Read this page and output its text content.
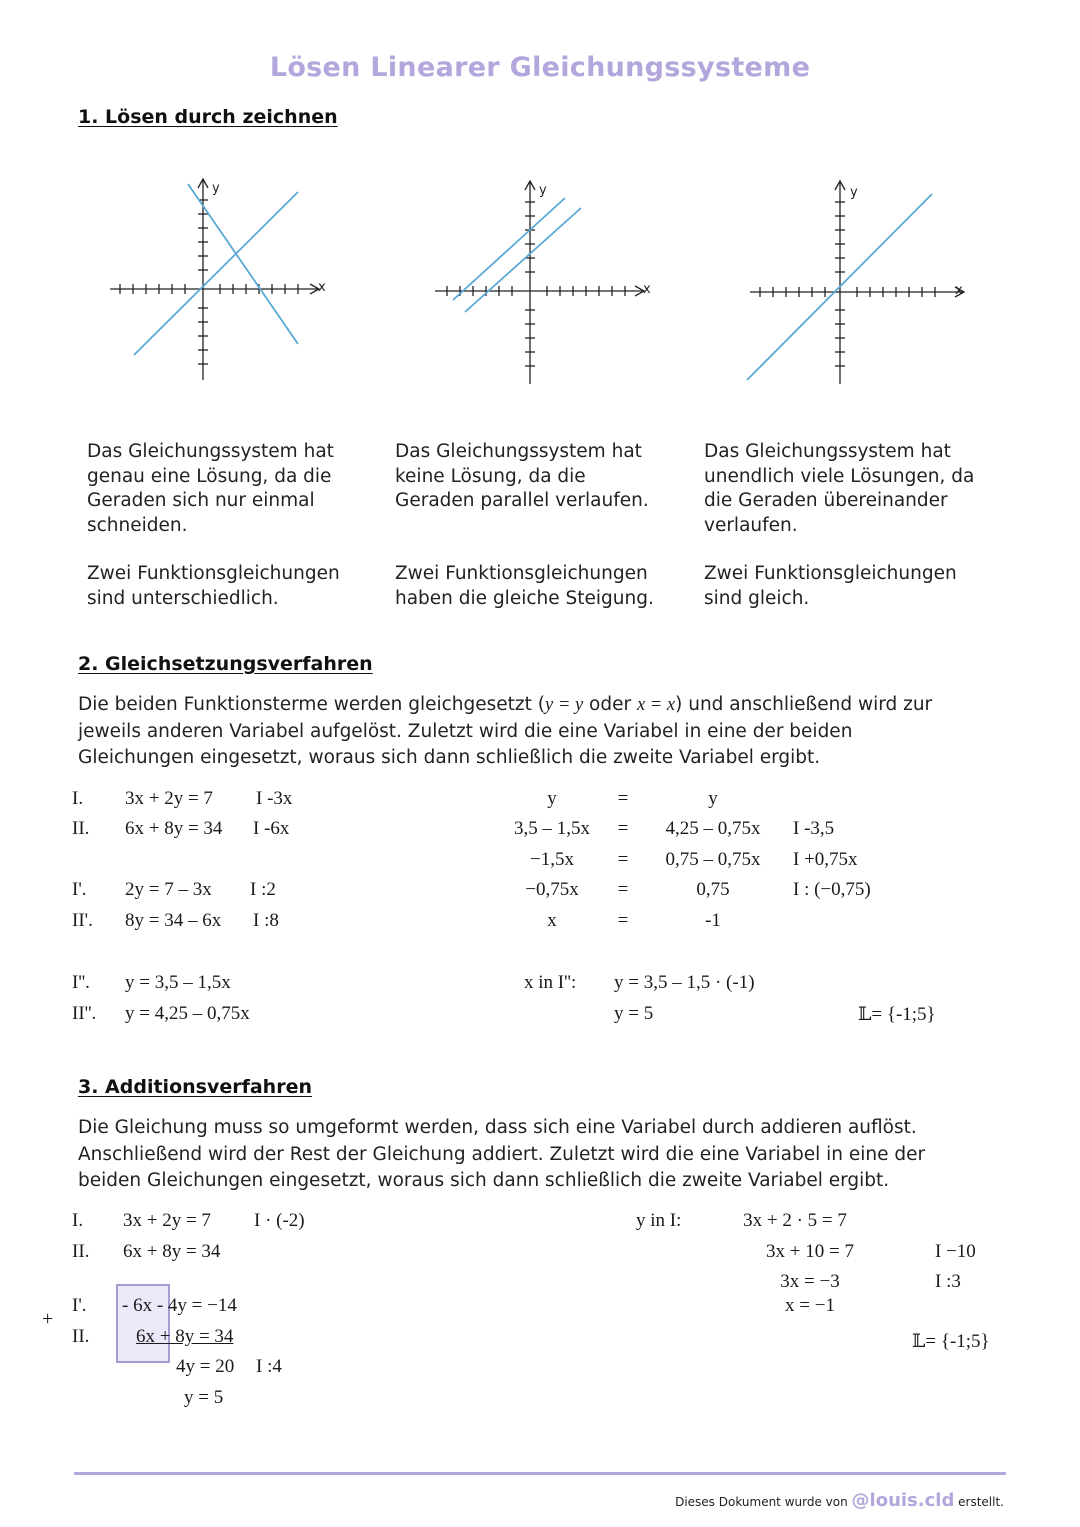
Lösen Linearer Gleichungssysteme
1. Lösen durch zeichnen
y
x
y
x
y
x
Das Gleichungssystem hat
genau eine Lösung, da die
Geraden sich nur einmal
schneiden.
Das Gleichungssystem hat
keine Lösung, da die
Geraden parallel verlaufen.
Das Gleichungssystem hat
unendlich viele Lösungen, da
die Geraden übereinander
verlaufen.
Zwei Funktionsgleichungen
sind unterschiedlich.
Zwei Funktionsgleichungen
haben die gleiche Steigung.
Zwei Funktionsgleichungen
sind gleich.
2. Gleichsetzungsverfahren
Die beiden Funktionsterme werden gleichgesetzt (y = y oder x = x) und anschließend wird zur
jeweils anderen Variabel aufgelöst. Zuletzt wird die eine Variabel in eine der beiden
Gleichungen eingesetzt, woraus sich dann schließlich die zweite Variabel ergibt.
I. 3x + 2y = 7 I -3x
II. 6x + 8y = 34 I -6x
I'. 2y = 7 – 3x I :2
II'. 8y = 34 – 6x I :8
I''. y = 3,5 – 1,5x
II''. y = 4,25 – 0,75x
y	=	y
3,5 – 1,5x	=	4,25 – 0,75x	I -3,5
−1,5x	=	0,75 – 0,75x	I +0,75x
−0,75x	=	0,75	I : (−0,75)
x	=	-1
x in I'': y = 3,5 – 1,5 · (-1)
y = 5	𝕃= {-1;5}
3. Additionsverfahren
Die Gleichung muss so umgeformt werden, dass sich eine Variabel durch addieren auflöst.
Anschließend wird der Rest der Gleichung addiert. Zuletzt wird die eine Variabel in eine der
beiden Gleichungen eingesetzt, woraus sich dann schließlich die zweite Variabel ergibt.
I. 3x + 2y = 7 I · (-2)
II. 6x + 8y = 34
+
I'. - 6x - 4y = −14
II. 6x + 8y = 34
4y = 20 I :4
y = 5
y in I:	3x + 2 · 5 = 7
3x + 10 = 7	I −10
3x = −3	I :3
x = −1
𝕃= {-1;5}
Dieses Dokument wurde von @louis.cld erstellt.
